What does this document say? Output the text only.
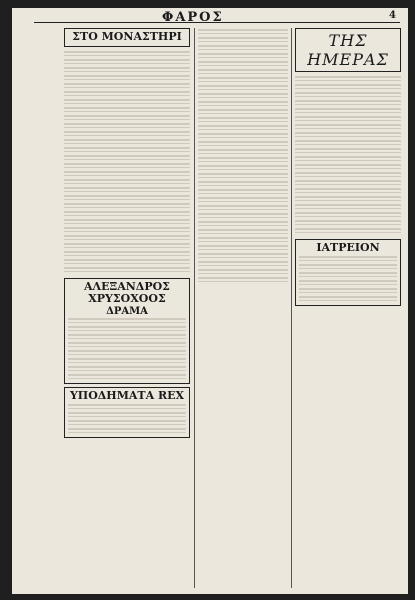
ΦΑΡΟΣ	4
ΣΤΟ ΜΟΝΑΣΤΗΡΙ
ΑΛΕΞΑΝΔΡΟΣ ΧΡΥΣΟΧΟΟΣ
ΔΡΑΜΑ
ΥΠΟΔΗΜΑΤΑ REX
ΤΗΣ ΗΜΕΡΑΣ
ΙΑΤΡΕΙΟΝ
